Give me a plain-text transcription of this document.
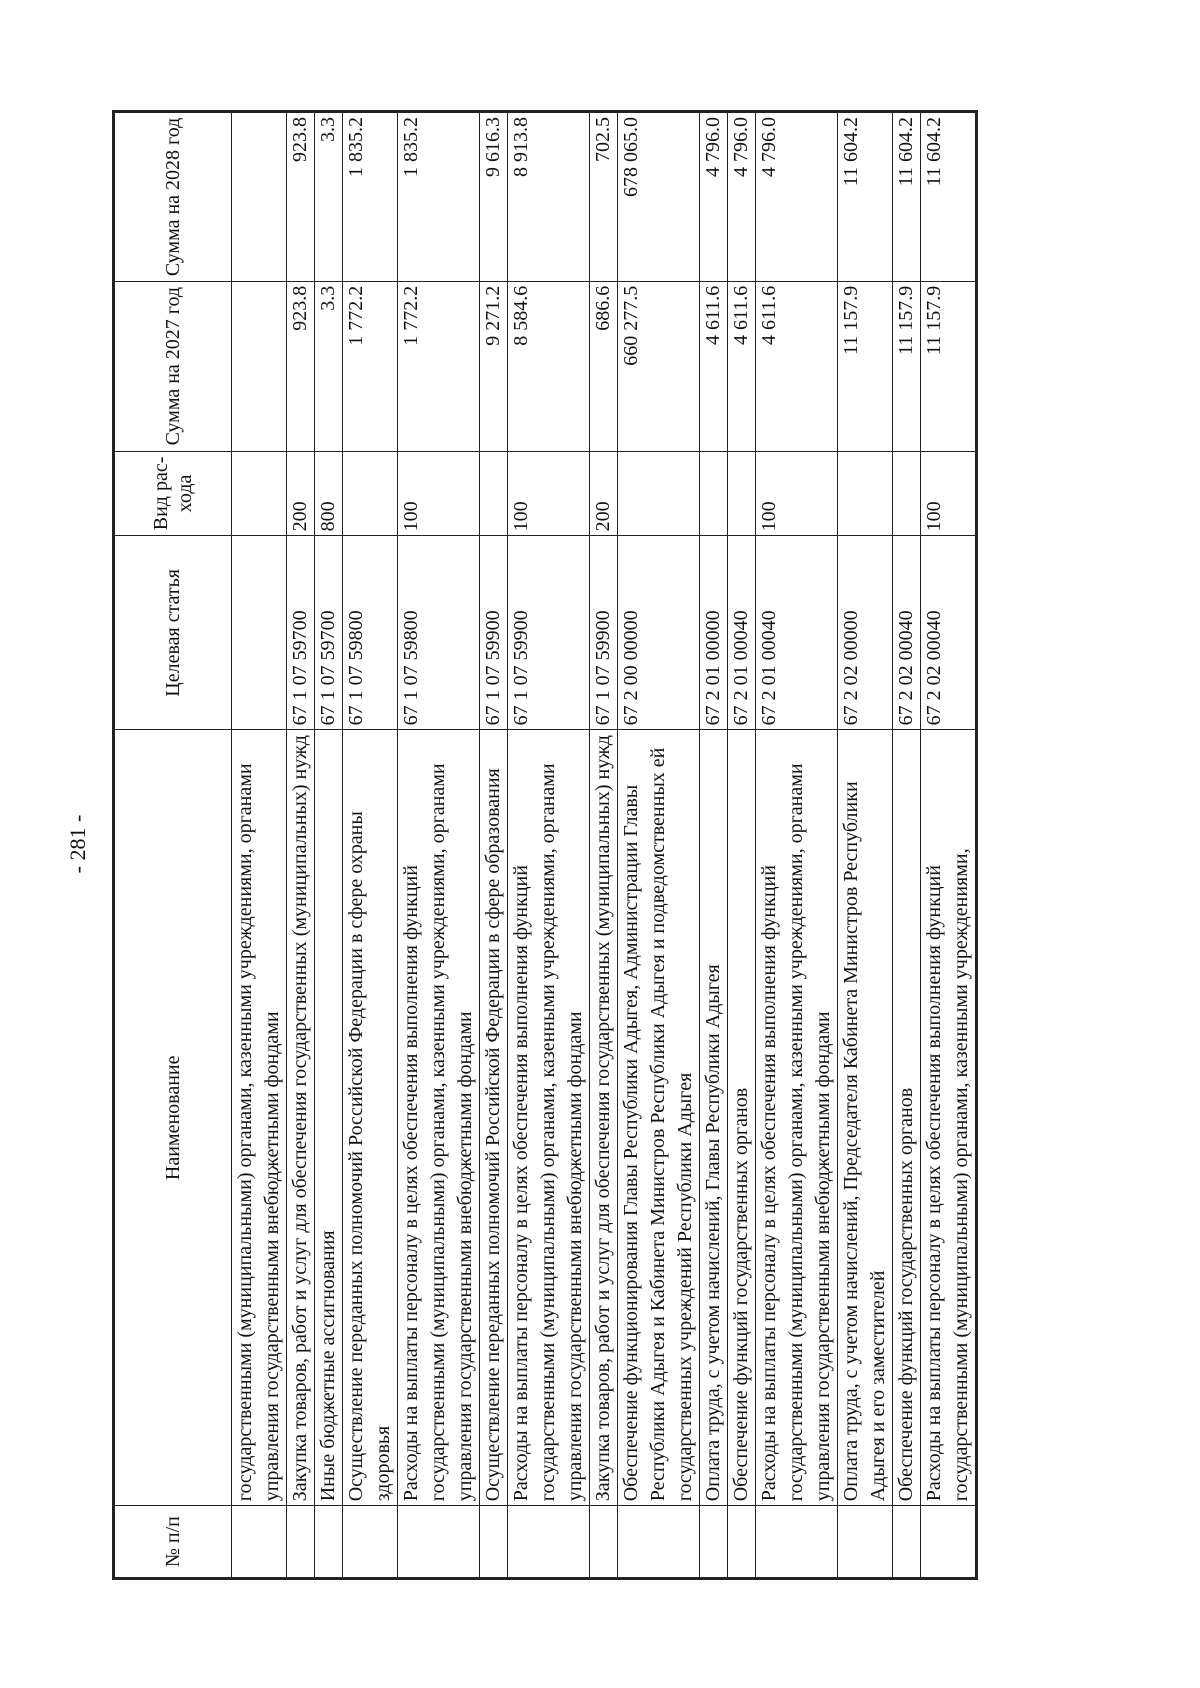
- 281 -
№ п/п	Наименование	Целевая статья	Вид рас- хода	Сумма на 2027 год	Сумма на 2028 год
	государственными (муниципальными) органами, казенными учреждениями, органами управления государственными внебюджетными фондами				
	Закупка товаров, работ и услуг для обеспечения государственных (муниципальных) нужд	67 1 07 59700	200	923.8	923.8
	Иные бюджетные ассигнования	67 1 07 59700	800	3.3	3.3
	Осуществление переданных полномочий Российской Федерации в сфере охраны здоровья	67 1 07 59800		1 772.2	1 835.2
	Расходы на выплаты персоналу в целях обеспечения выполнения функций государственными (муниципальными) органами, казенными учреждениями, органами управления государственными внебюджетными фондами	67 1 07 59800	100	1 772.2	1 835.2
	Осуществление переданных полномочий Российской Федерации в сфере образования	67 1 07 59900		9 271.2	9 616.3
	Расходы на выплаты персоналу в целях обеспечения выполнения функций государственными (муниципальными) органами, казенными учреждениями, органами управления государственными внебюджетными фондами	67 1 07 59900	100	8 584.6	8 913.8
	Закупка товаров, работ и услуг для обеспечения государственных (муниципальных) нужд	67 1 07 59900	200	686.6	702.5
	Обеспечение функционирования Главы Республики Адыгея, Администрации Главы Республики Адыгея и Кабинета Министров Республики Адыгея и подведомственных ей государственных учреждений Республики Адыгея	67 2 00 00000		660 277.5	678 065.0
	Оплата труда, с учетом начислений, Главы Республики Адыгея	67 2 01 00000		4 611.6	4 796.0
	Обеспечение функций государственных органов	67 2 01 00040		4 611.6	4 796.0
	Расходы на выплаты персоналу в целях обеспечения выполнения функций государственными (муниципальными) органами, казенными учреждениями, органами управления государственными внебюджетными фондами	67 2 01 00040	100	4 611.6	4 796.0
	Оплата труда, с учетом начислений, Председателя Кабинета Министров Республики Адыгея и его заместителей	67 2 02 00000		11 157.9	11 604.2
	Обеспечение функций государственных органов	67 2 02 00040		11 157.9	11 604.2
	Расходы на выплаты персоналу в целях обеспечения выполнения функций государственными (муниципальными) органами, казенными учреждениями,	67 2 02 00040	100	11 157.9	11 604.2
